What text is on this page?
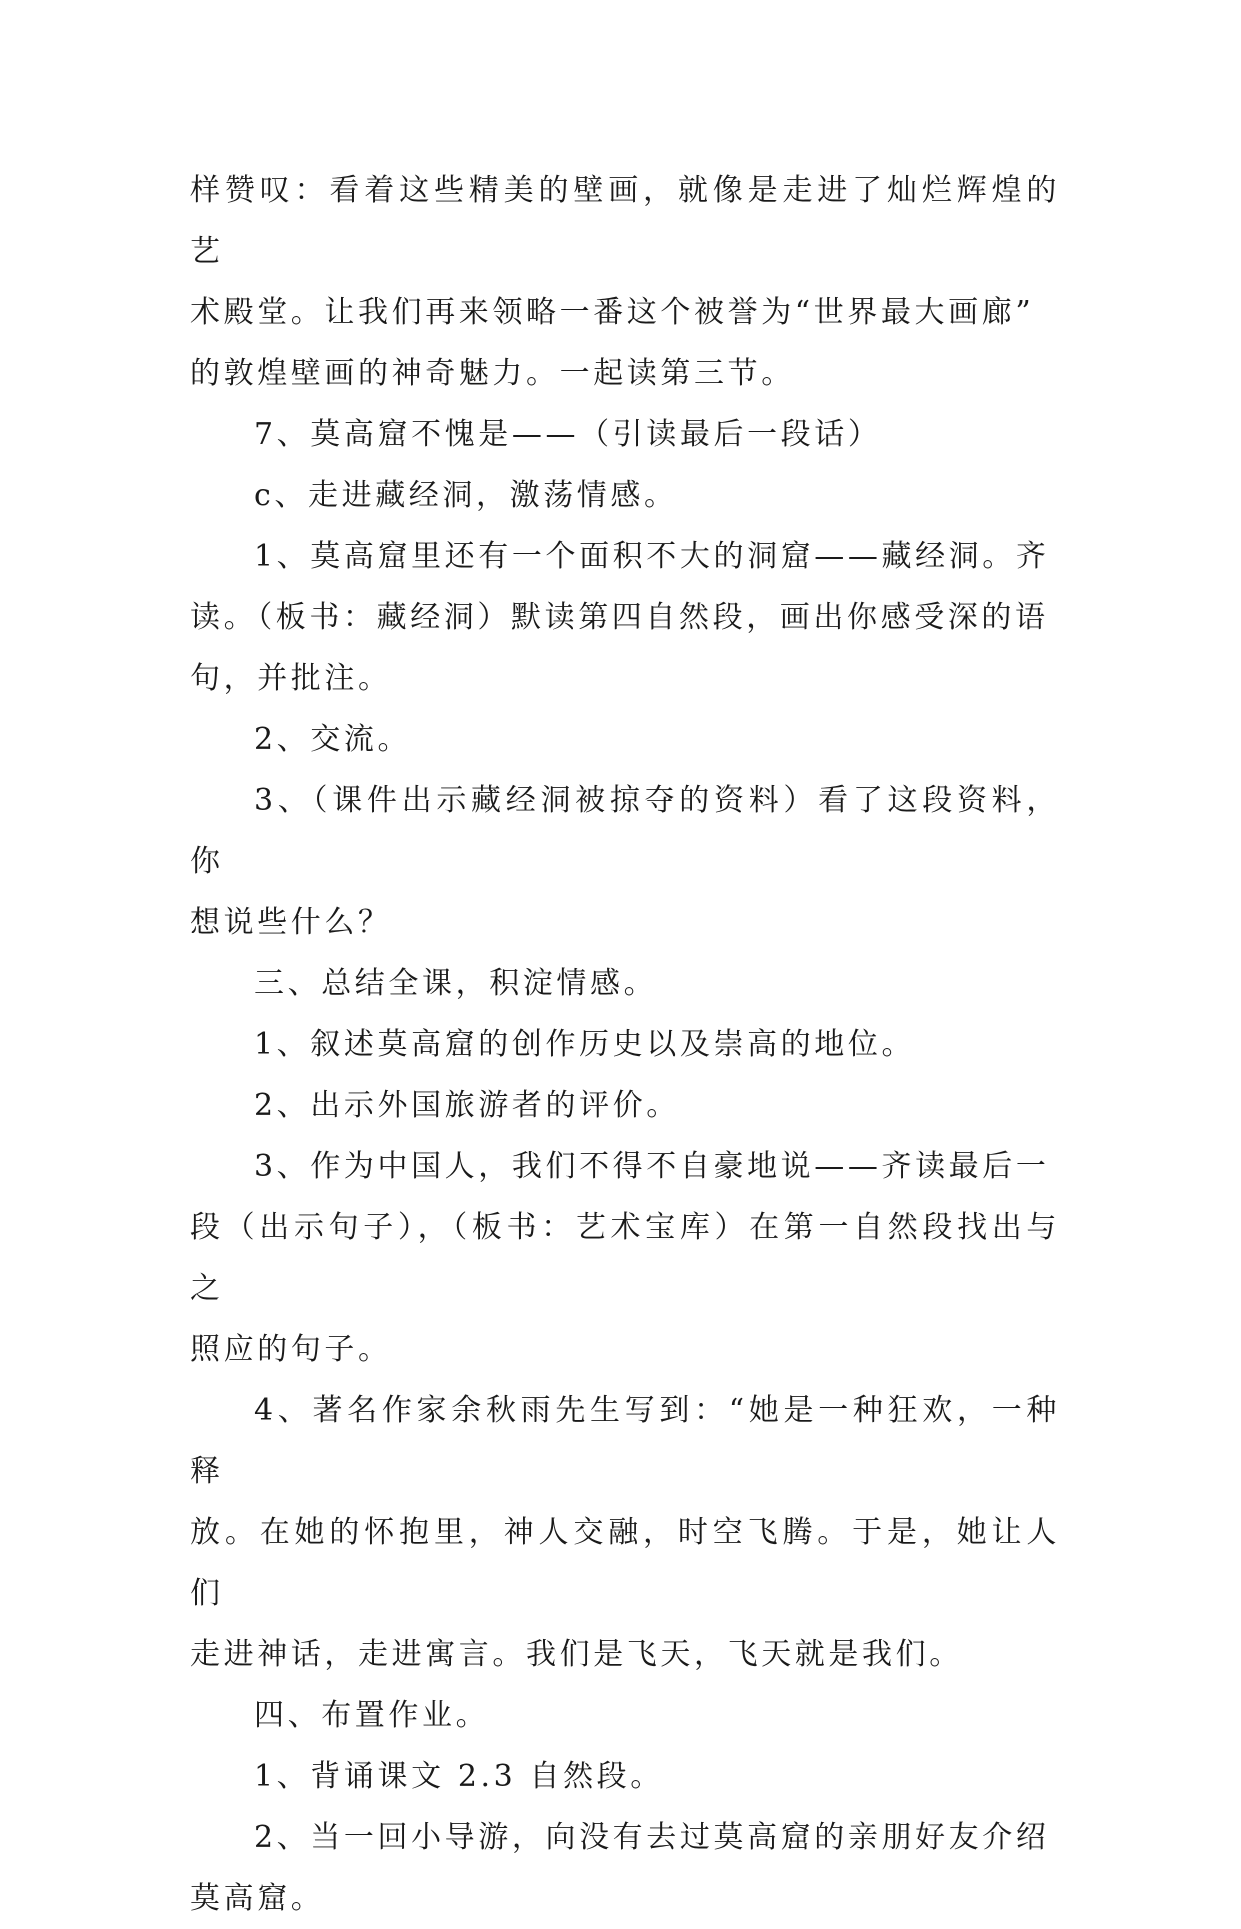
样赞叹：看着这些精美的壁画，就像是走进了灿烂辉煌的艺
术殿堂。让我们再来领略一番这个被誉为“世界最大画廊”
的敦煌壁画的神奇魅力。一起读第三节。

7、莫高窟不愧是——（引读最后一段话）

c、走进藏经洞，激荡情感。

1、莫高窟里还有一个面积不大的洞窟——藏经洞。齐
读。（板书：藏经洞）默读第四自然段，画出你感受深的语
句，并批注。

2、交流。

3、（课件出示藏经洞被掠夺的资料）看了这段资料，你
想说些什么？

三、总结全课，积淀情感。

1、叙述莫高窟的创作历史以及崇高的地位。

2、出示外国旅游者的评价。

3、作为中国人，我们不得不自豪地说——齐读最后一
段（出示句子），（板书：艺术宝库）在第一自然段找出与之
照应的句子。

4、著名作家余秋雨先生写到：“她是一种狂欢，一种释
放。在她的怀抱里，神人交融，时空飞腾。于是，她让人们
走进神话，走进寓言。我们是飞天，飞天就是我们。

四、布置作业。

1、背诵课文 2.3 自然段。

2、当一回小导游，向没有去过莫高窟的亲朋好友介绍
莫高窟。
